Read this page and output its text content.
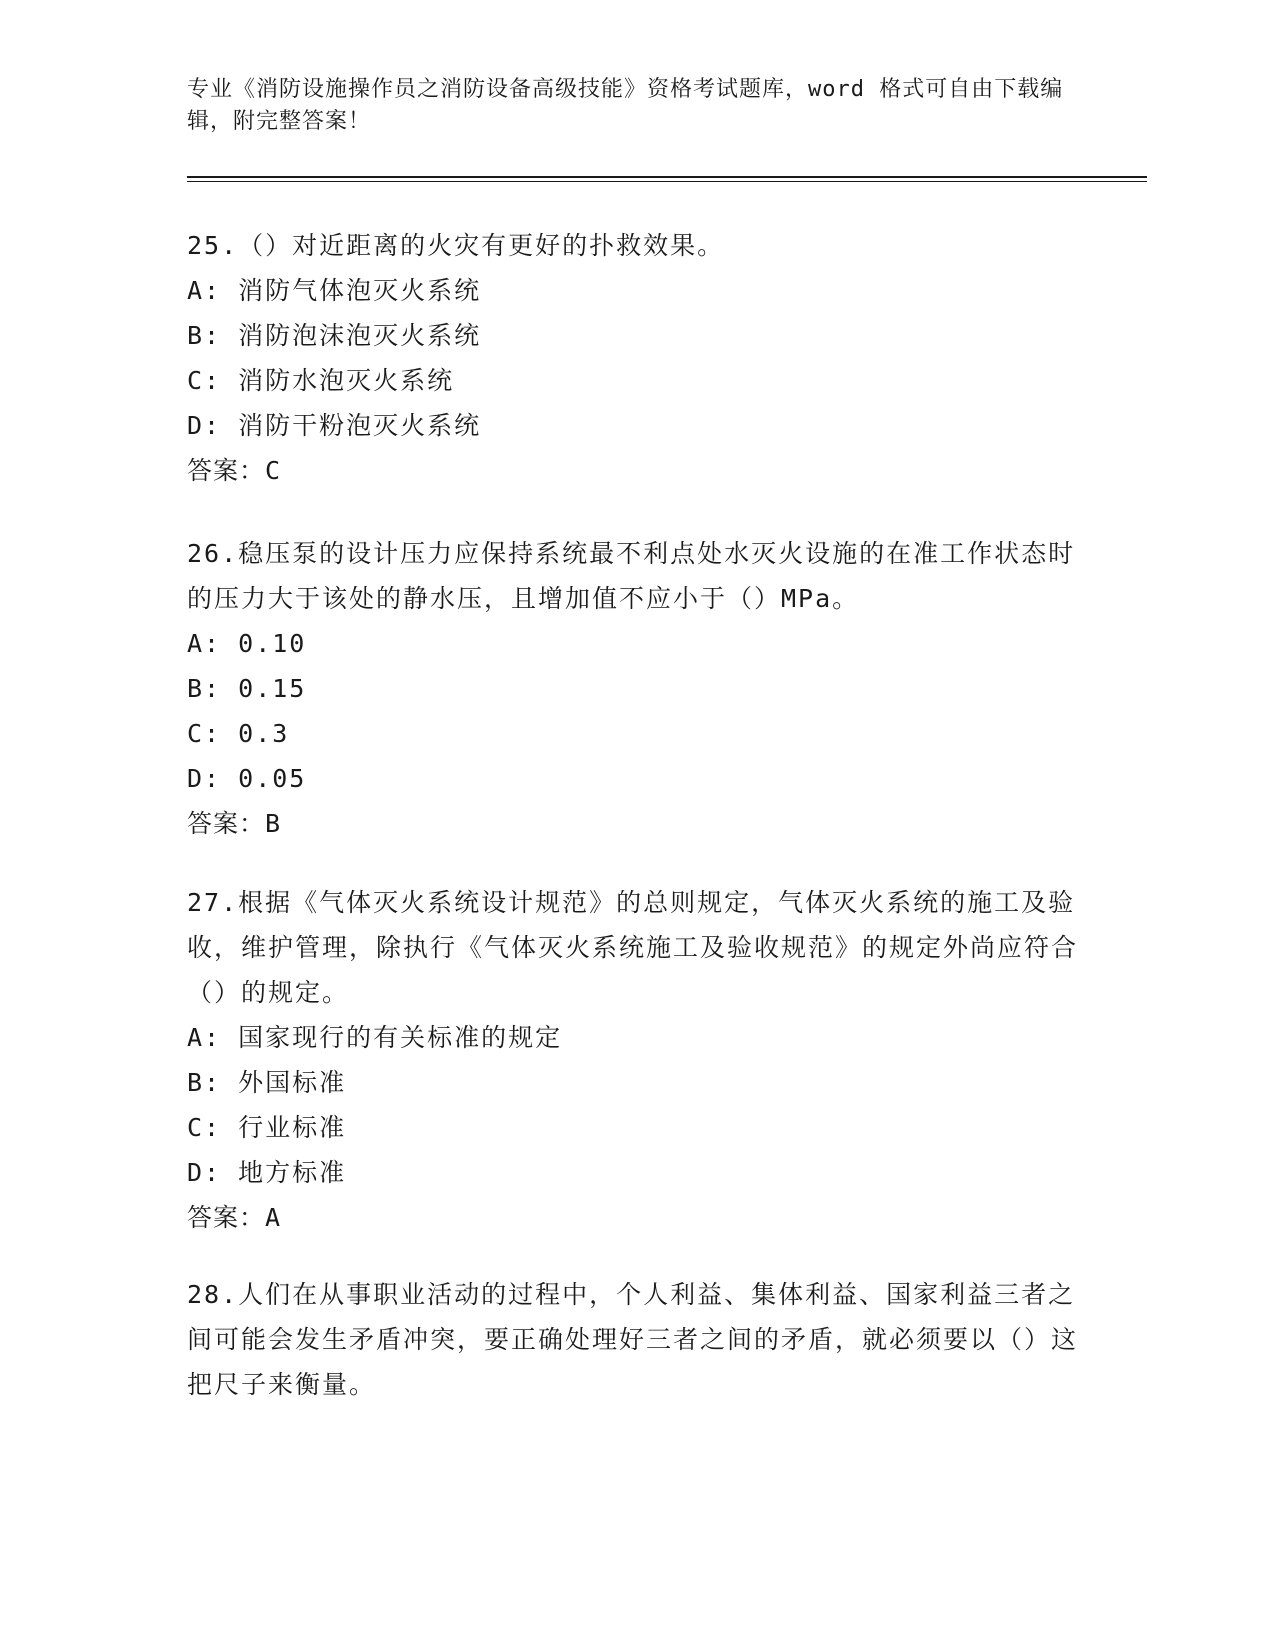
专业《消防设施操作员之消防设备高级技能》资格考试题库，word 格式可自由下载编辑，附完整答案！
25.（）对近距离的火灾有更好的扑救效果。
A: 消防气体泡灭火系统
B: 消防泡沫泡灭火系统
C: 消防水泡灭火系统
D: 消防干粉泡灭火系统
答案：C
26.稳压泵的设计压力应保持系统最不利点处水灭火设施的在准工作状态时的压力大于该处的静水压，且增加值不应小于（）MPa。
A: 0.10
B: 0.15
C: 0.3
D: 0.05
答案：B
27.根据《气体灭火系统设计规范》的总则规定，气体灭火系统的施工及验收，维护管理，除执行《气体灭火系统施工及验收规范》的规定外尚应符合（）的规定。
A: 国家现行的有关标准的规定
B: 外国标准
C: 行业标准
D: 地方标准
答案：A
28.人们在从事职业活动的过程中，个人利益、集体利益、国家利益三者之间可能会发生矛盾冲突，要正确处理好三者之间的矛盾，就必须要以（）这把尺子来衡量。
